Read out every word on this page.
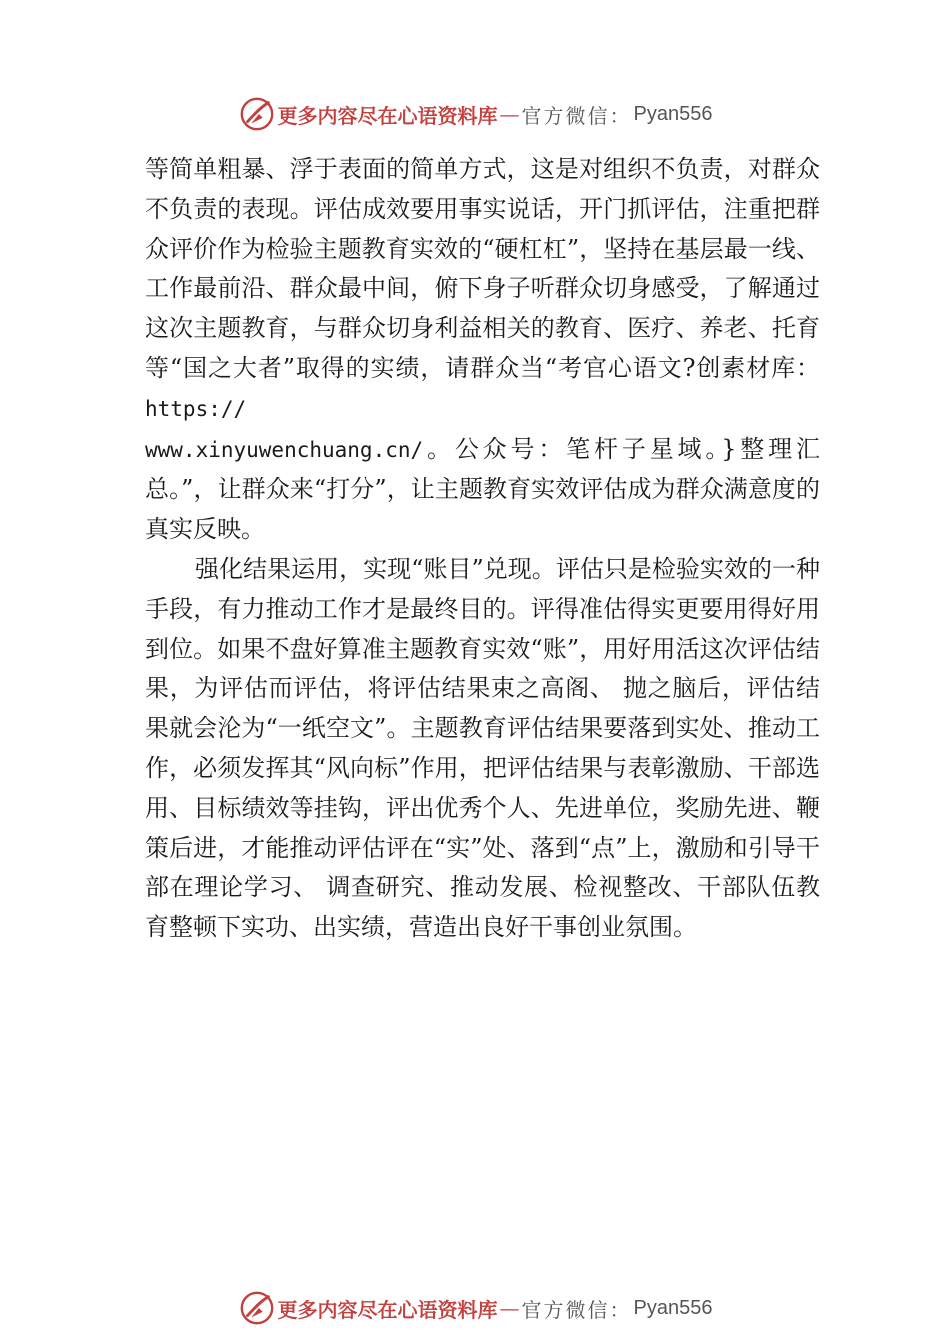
更多内容尽在心语资料库 — 官方微信： Pyan556

等简单粗暴、浮于表面的简单方式，这是对组织不负责，对群众不负责的表现。评估成效要用事实说话，开门抓评估，注重把群众评价作为检验主题教育实效的“硬杠杠”，坚持在基层最一线、工作最前沿、群众最中间，俯下身子听群众切身感受，了解通过这次主题教育，与群众切身利益相关的教育、医疗、养老、托育等“国之大者”取得的实绩，请群众当“考官心语文?创素材库：https://
www.xinyuwenchuang.cn/。公众号：笔杆子星域。}整理汇总。”，让群众来“打分”，让主题教育实效评估成为群众满意度的真实反映。

强化结果运用，实现“账目”兑现。评估只是检验实效的一种手段，有力推动工作才是最终目的。评得准估得实更要用得好用到位。如果不盘好算准主题教育实效“账”，用好用活这次评估结果，为评估而评估，将评估结果束之高阁、 抛之脑后，评估结果就会沦为“一纸空文”。主题教育评估结果要落到实处、推动工作，必须发挥其“风向标”作用，把评估结果与表彰激励、干部选用、目标绩效等挂钩，评出优秀个人、先进单位，奖励先进、鞭策后进，才能推动评估评在“实”处、落到“点”上，激励和引导干部在理论学习、 调查研究、推动发展、检视整改、干部队伍教育整顿下实功、出实绩，营造出良好干事创业氛围。

更多内容尽在心语资料库 — 官方微信： Pyan556
